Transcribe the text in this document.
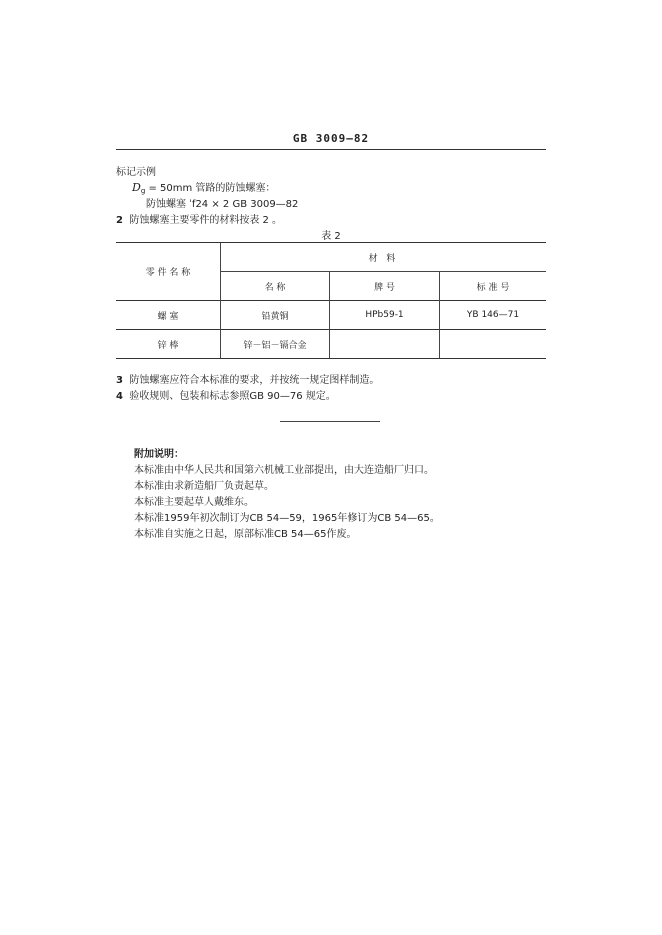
GB 3009—82
标记示例
$D_g = 50mm$ 管路的防蚀螺塞：
防蚀螺塞 ˈf24 × 2 GB 3009—82
2 防蚀螺塞主要零件的材料按表 2 。
表 2
零 件 名 称	材 料		
	名 称	牌 号	标 准 号
螺 塞	铅黄铜	HPb59-1	YB 146—71
锌 棒	锌－铝－镉合金		
3 防蚀螺塞应符合本标准的要求，并按统一规定图样制造。
4 验收规则、包装和标志参照GB 90—76 规定。
附加说明：
本标准由中华人民共和国第六机械工业部提出，由大连造船厂归口。
本标准由求新造船厂负责起草。
本标准主要起草人戴维东。
本标准1959年初次制订为CB 54—59，1965年修订为CB 54—65。
本标准自实施之日起，原部标准CB 54—65作废。
